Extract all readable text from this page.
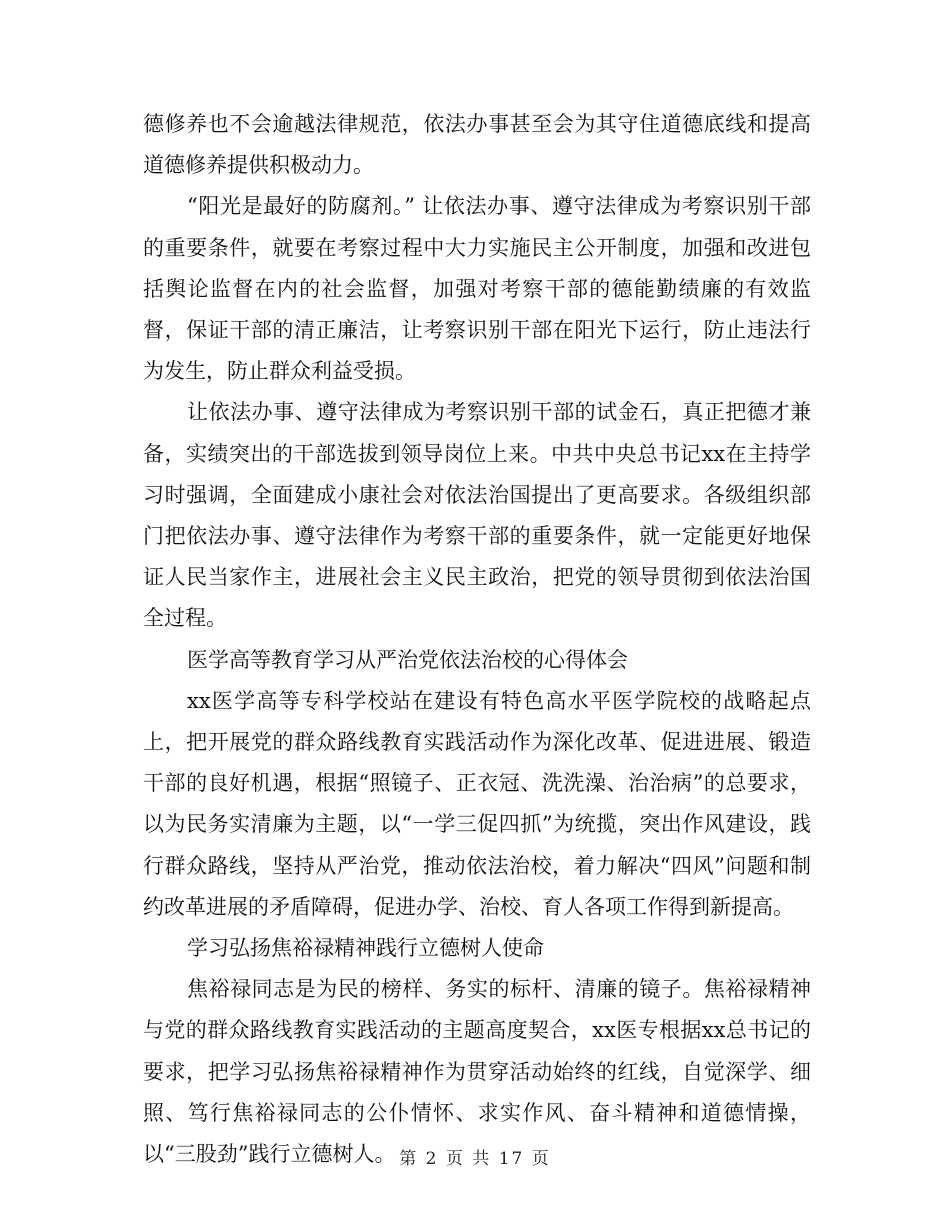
德修养也不会逾越法律规范，依法办事甚至会为其守住道德底线和提高道德修养提供积极动力。

“阳光是最好的防腐剂。” 让依法办事、遵守法律成为考察识别干部的重要条件，就要在考察过程中大力实施民主公开制度，加强和改进包括舆论监督在内的社会监督，加强对考察干部的德能勤绩廉的有效监督，保证干部的清正廉洁，让考察识别干部在阳光下运行，防止违法行为发生，防止群众利益受损。

让依法办事、遵守法律成为考察识别干部的试金石，真正把德才兼备，实绩突出的干部选拔到领导岗位上来。中共中央总书记xx在主持学习时强调，全面建成小康社会对依法治国提出了更高要求。各级组织部门把依法办事、遵守法律作为考察干部的重要条件，就一定能更好地保证人民当家作主，进展社会主义民主政治，把党的领导贯彻到依法治国全过程。

医学高等教育学习从严治党依法治校的心得体会

xx医学高等专科学校站在建设有特色高水平医学院校的战略起点上，把开展党的群众路线教育实践活动作为深化改革、促进进展、锻造干部的良好机遇，根据“照镜子、正衣冠、洗洗澡、治治病”的总要求，以为民务实清廉为主题，以“一学三促四抓”为统揽，突出作风建设，践行群众路线，坚持从严治党，推动依法治校，着力解决“四风”问题和制约改革进展的矛盾障碍，促进办学、治校、育人各项工作得到新提高。

学习弘扬焦裕禄精神践行立德树人使命

焦裕禄同志是为民的榜样、务实的标杆、清廉的镜子。焦裕禄精神与党的群众路线教育实践活动的主题高度契合，xx医专根据xx总书记的要求，把学习弘扬焦裕禄精神作为贯穿活动始终的红线，自觉深学、细照、笃行焦裕禄同志的公仆情怀、求实作风、奋斗精神和道德情操，以“三股劲”践行立德树人。 第 2 页 共 17 页
